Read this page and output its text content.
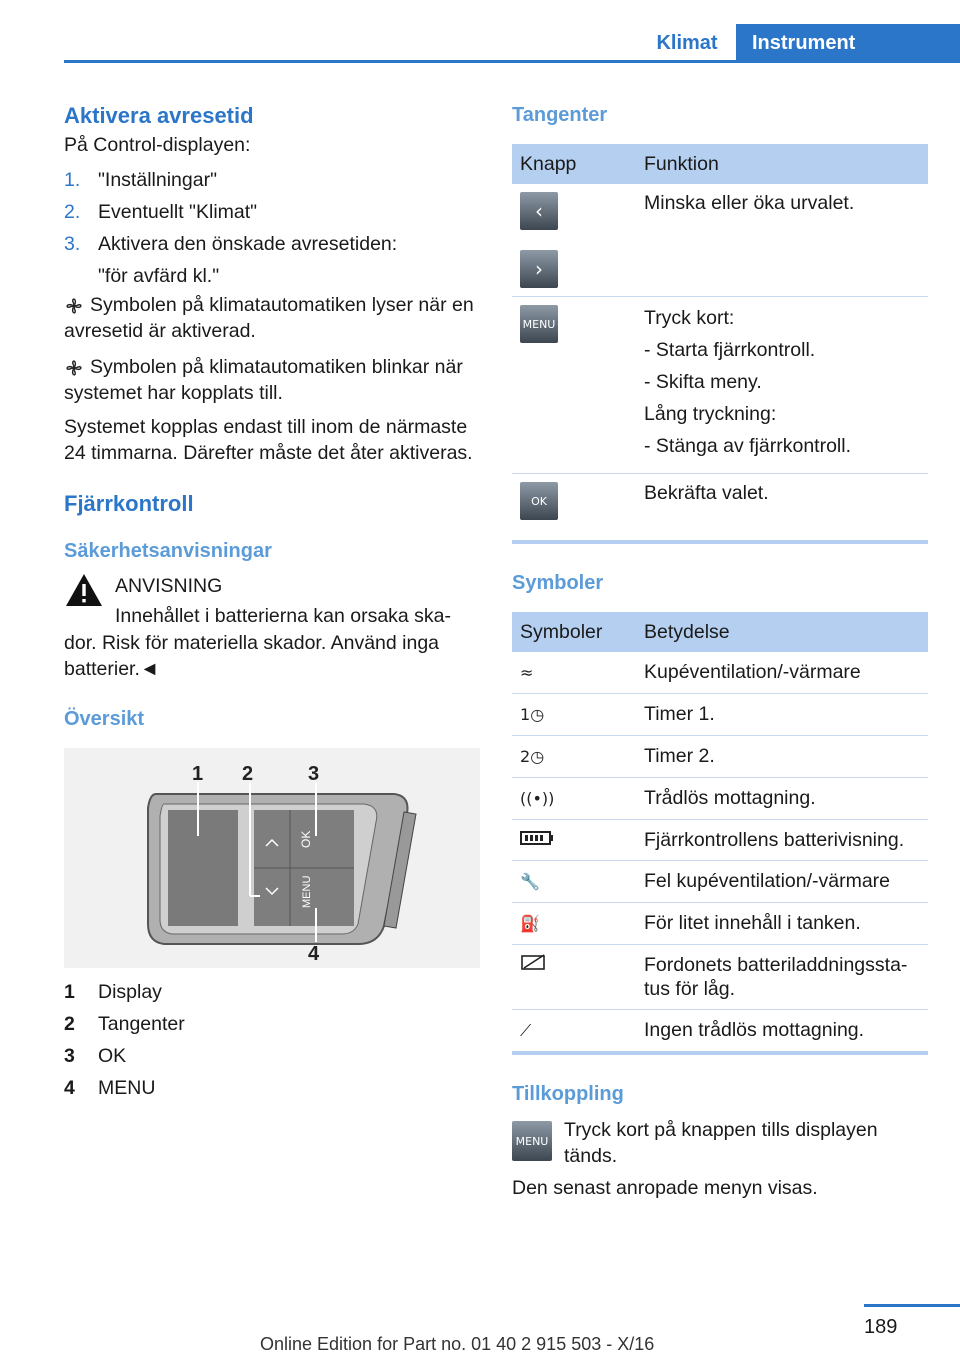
Klimat	Instrument
Aktivera avresetid

På Control-displayen:

1. "Inställningar"
2. Eventuellt "Klimat"
3. Aktivera den önskade avresetiden:
"för avfärd kl."
Symbolen på klimatautomatiken lyser när en avresetid är aktiverad.
Symbolen på klimatautomatiken blinkar när systemet har kopplats till.

Systemet kopplas endast till inom de närmaste 24 timmarna. Därefter måste det åter aktiveras.

Fjärrkontroll
Säkerhetsanvisningar
ANVISNING
Innehållet i batterierna kan orsaka ska-

dor. Risk för materiella skador. Använd inga batterier.◄

Översikt
OK
MENU
1 2	3
4
1	Display
2	Tangenter
3	OK
4	MENU
Tangenter
Knapp	Funktion

‹
›	Minska eller öka urvalet.

MENU	Tryck kort:

- Starta fjärrkontroll.

- Skifta meny.

Lång tryckning:

- Stänga av fjärrkontroll.

OK	Bekräfta valet.
Symboler
Symboler	Betydelse
≈	Kupéventilation/-värmare
1◷	Timer 1.
2◷	Timer 2.
((•))	Trådlös mottagning.
	Fjärrkontrollens batterivisning.
🔧	Fel kupéventilation/-värmare
⛽	För litet innehåll i tanken.
	Fordonets batteriladdningssta-tus för låg.
⟋	Ingen trådlös mottagning.
Tillkoppling
MENU Tryck kort på knappen tills displayen tänds.

Den senast anropade menyn visas.

189
Online Edition for Part no. 01 40 2 915 503 - X/16
